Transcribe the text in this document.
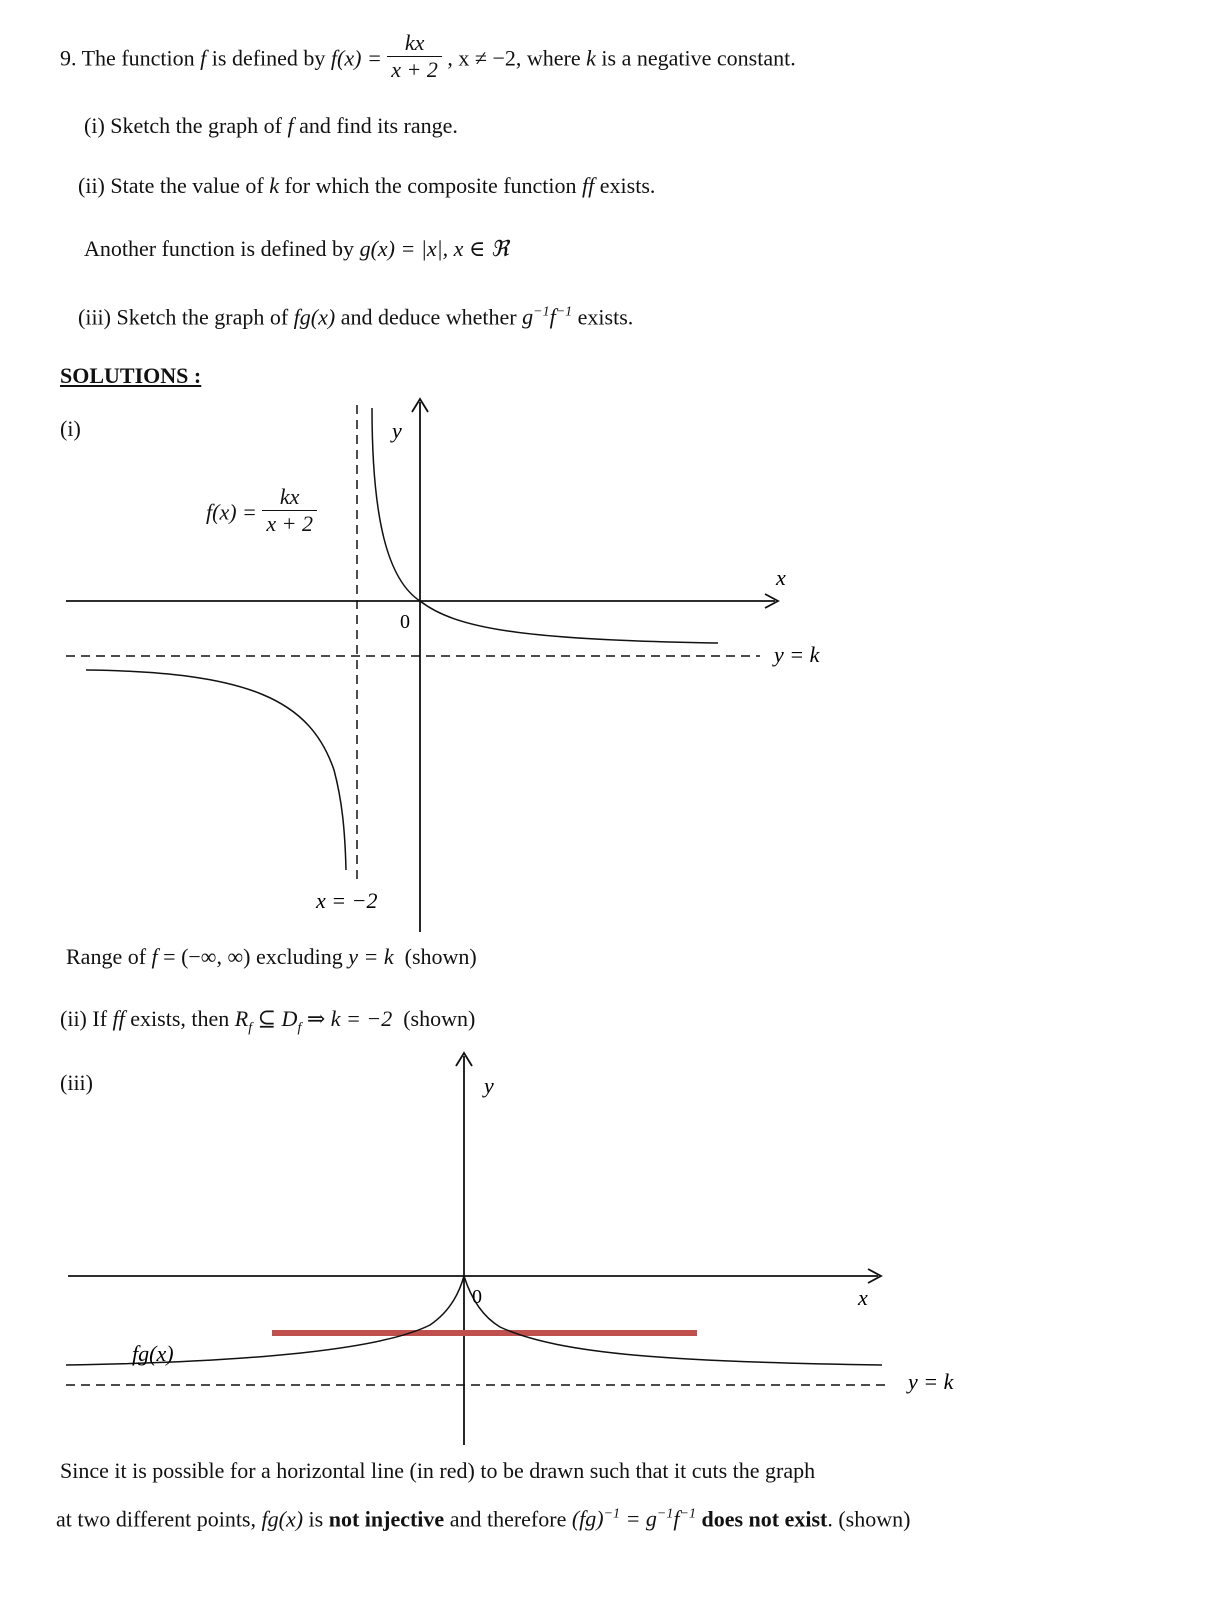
9. The function f is defined by $f(x) = \frac{kx}{x + 2}$ , x ≠ −2, where k is a negative constant.
(i) Sketch the graph of f and find its range.
(ii) State the value of k for which the composite function ff exists.
Another function is defined by g(x) = |x|, x ∈ ℜ
(iii) Sketch the graph of fg(x) and deduce whether $g^{-1}f^{-1}$ exists.
SOLUTIONS :
(i)	y
x
0
y = k
x = −2
$f(x) = \frac{kx}{x + 2}$
Range of f = (−∞, ∞) excluding y = k (shown)
(ii) If ff exists, then $R_f$ ⊆ $D_f$ ⇒ k = −2 (shown)
(iii)	y
x
0
fg(x)
y = k
Since it is possible for a horizontal line (in red) to be drawn such that it cuts the graph
at two different points, fg(x) is not injective and therefore $(fg)^{-1} = g^{-1}f^{-1}$ does not exist. (shown)
